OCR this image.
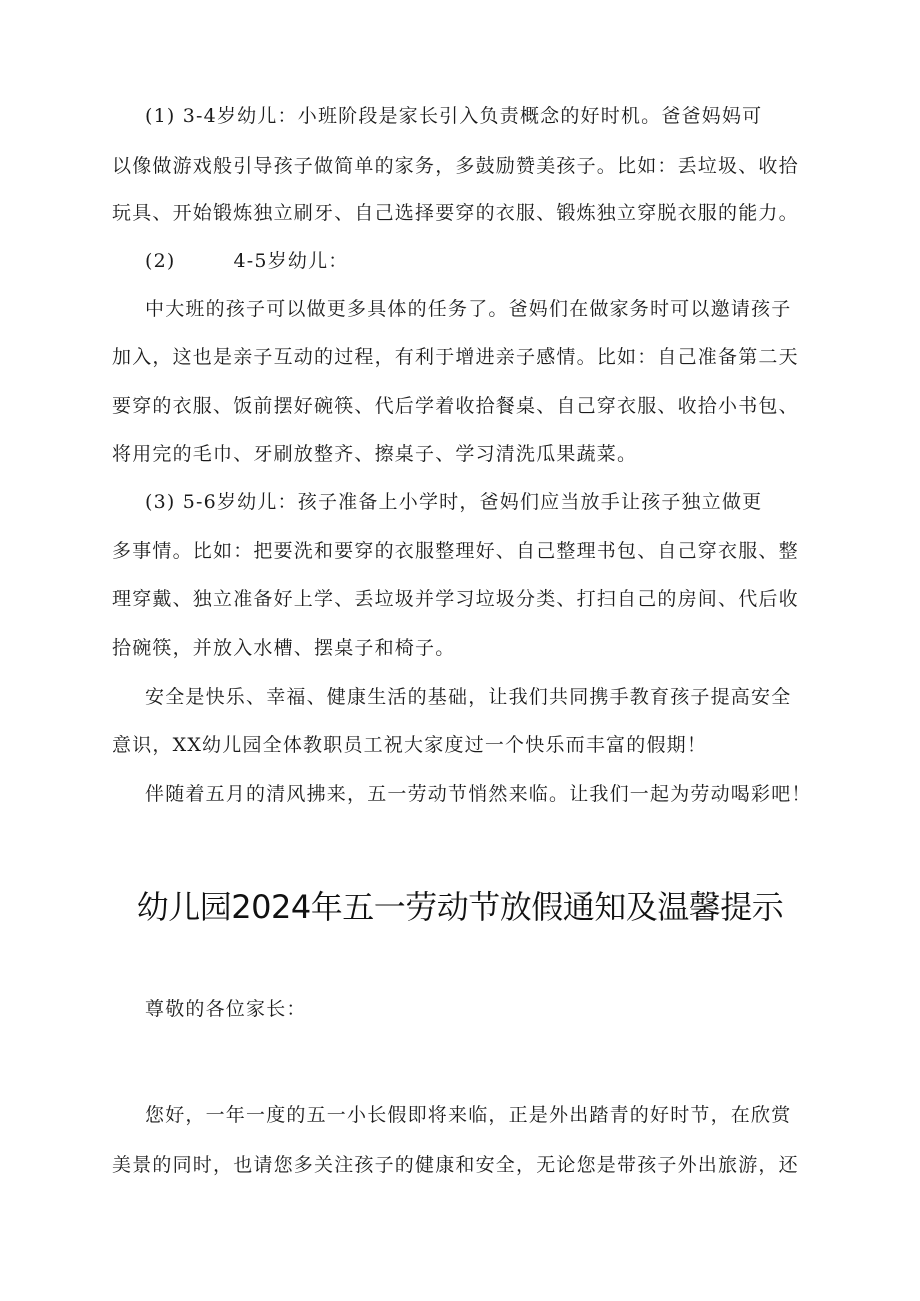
(1) 3-4岁幼儿：小班阶段是家长引入负责概念的好时机。爸爸妈妈可
以像做游戏般引导孩子做简单的家务，多鼓励赞美孩子。比如：丢垃圾、收拾
玩具、开始锻炼独立刷牙、自己选择要穿的衣服、锻炼独立穿脱衣服的能力。
(2)	4-5岁幼儿：
中大班的孩子可以做更多具体的任务了。爸妈们在做家务时可以邀请孩子
加入，这也是亲子互动的过程，有利于增进亲子感情。比如：自己准备第二天
要穿的衣服、饭前摆好碗筷、代后学着收拾餐桌、自己穿衣服、收拾小书包、
将用完的毛巾、牙刷放整齐、擦桌子、学习清洗瓜果蔬菜。
(3) 5-6岁幼儿：孩子准备上小学时，爸妈们应当放手让孩子独立做更
多事情。比如：把要洗和要穿的衣服整理好、自己整理书包、自己穿衣服、整
理穿戴、独立准备好上学、丢垃圾并学习垃圾分类、打扫自己的房间、代后收
拾碗筷，并放入水槽、摆桌子和椅子。
安全是快乐、幸福、健康生活的基础，让我们共同携手教育孩子提高安全
意识，XX幼儿园全体教职员工祝大家度过一个快乐而丰富的假期！
伴随着五月的清风拂来，五一劳动节悄然来临。让我们一起为劳动喝彩吧！
幼儿园2024年五一劳动节放假通知及温馨提示
尊敬的各位家长：
您好，一年一度的五一小长假即将来临，正是外出踏青的好时节，在欣赏
美景的同时，也请您多关注孩子的健康和安全，无论您是带孩子外出旅游，还
